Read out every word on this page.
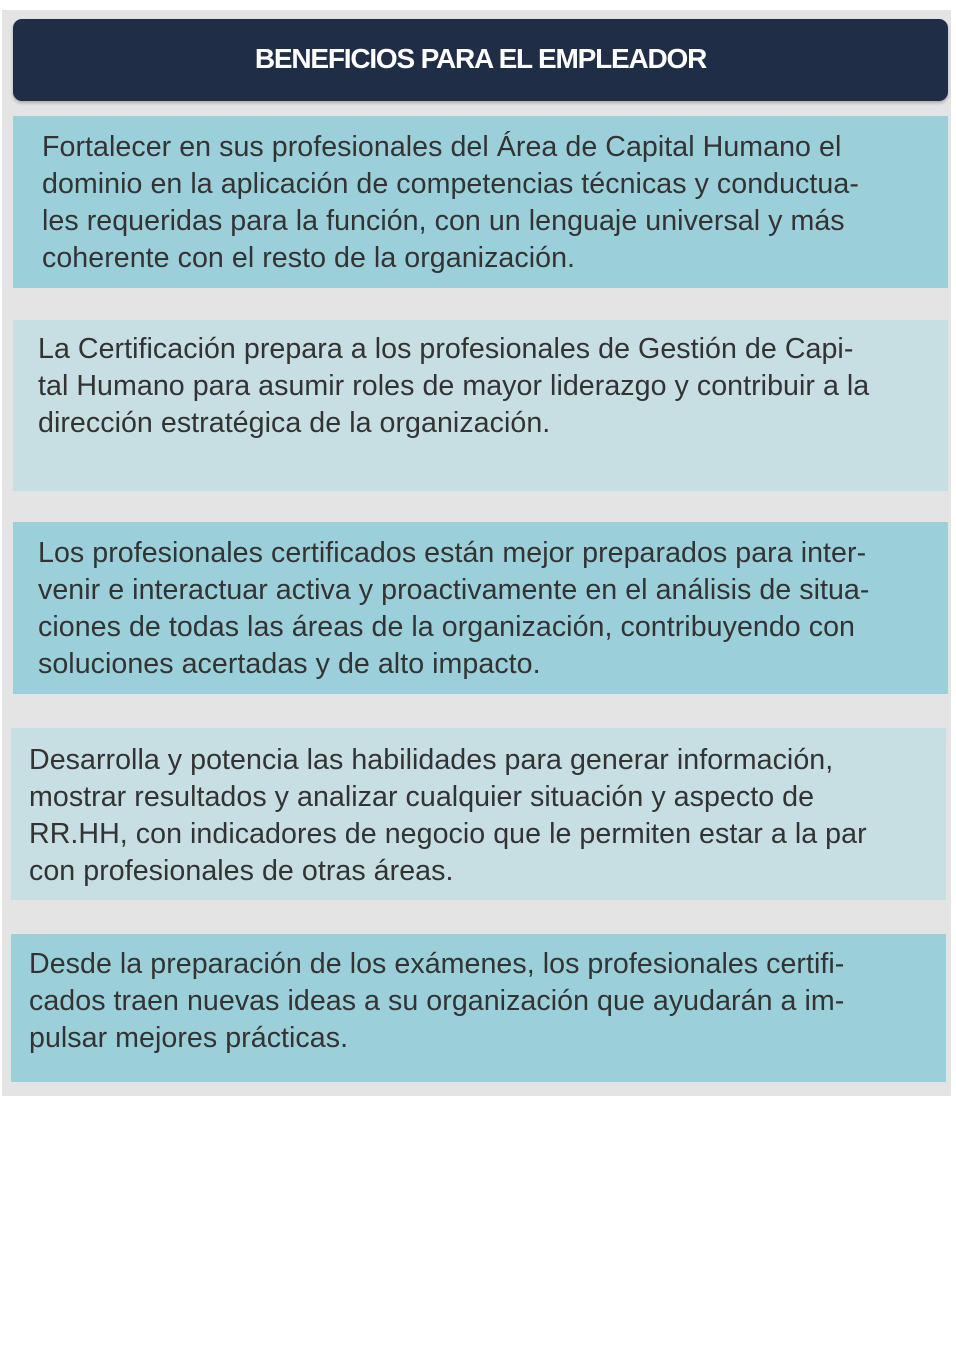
BENEFICIOS PARA EL EMPLEADOR

Fortalecer en sus profesionales del Área de Capital Humano el
dominio en la aplicación de competencias técnicas y conductua-
les requeridas para la función, con un lenguaje universal y más
coherente con el resto de la organización.

La Certificación prepara a los profesionales de Gestión de Capi-
tal Humano para asumir roles de mayor liderazgo y contribuir a la
dirección estratégica de la organización.

Los profesionales certificados están mejor preparados para inter-
venir e interactuar activa y proactivamente en el análisis de situa-
ciones de todas las áreas de la organización, contribuyendo con
soluciones acertadas y de alto impacto.

Desarrolla y potencia las habilidades para generar información,
mostrar resultados y analizar cualquier situación y aspecto de
RR.HH, con indicadores de negocio que le permiten estar a la par
con profesionales de otras áreas.

Desde la preparación de los exámenes, los profesionales certifi-
cados traen nuevas ideas a su organización que ayudarán a im-
pulsar mejores prácticas.
